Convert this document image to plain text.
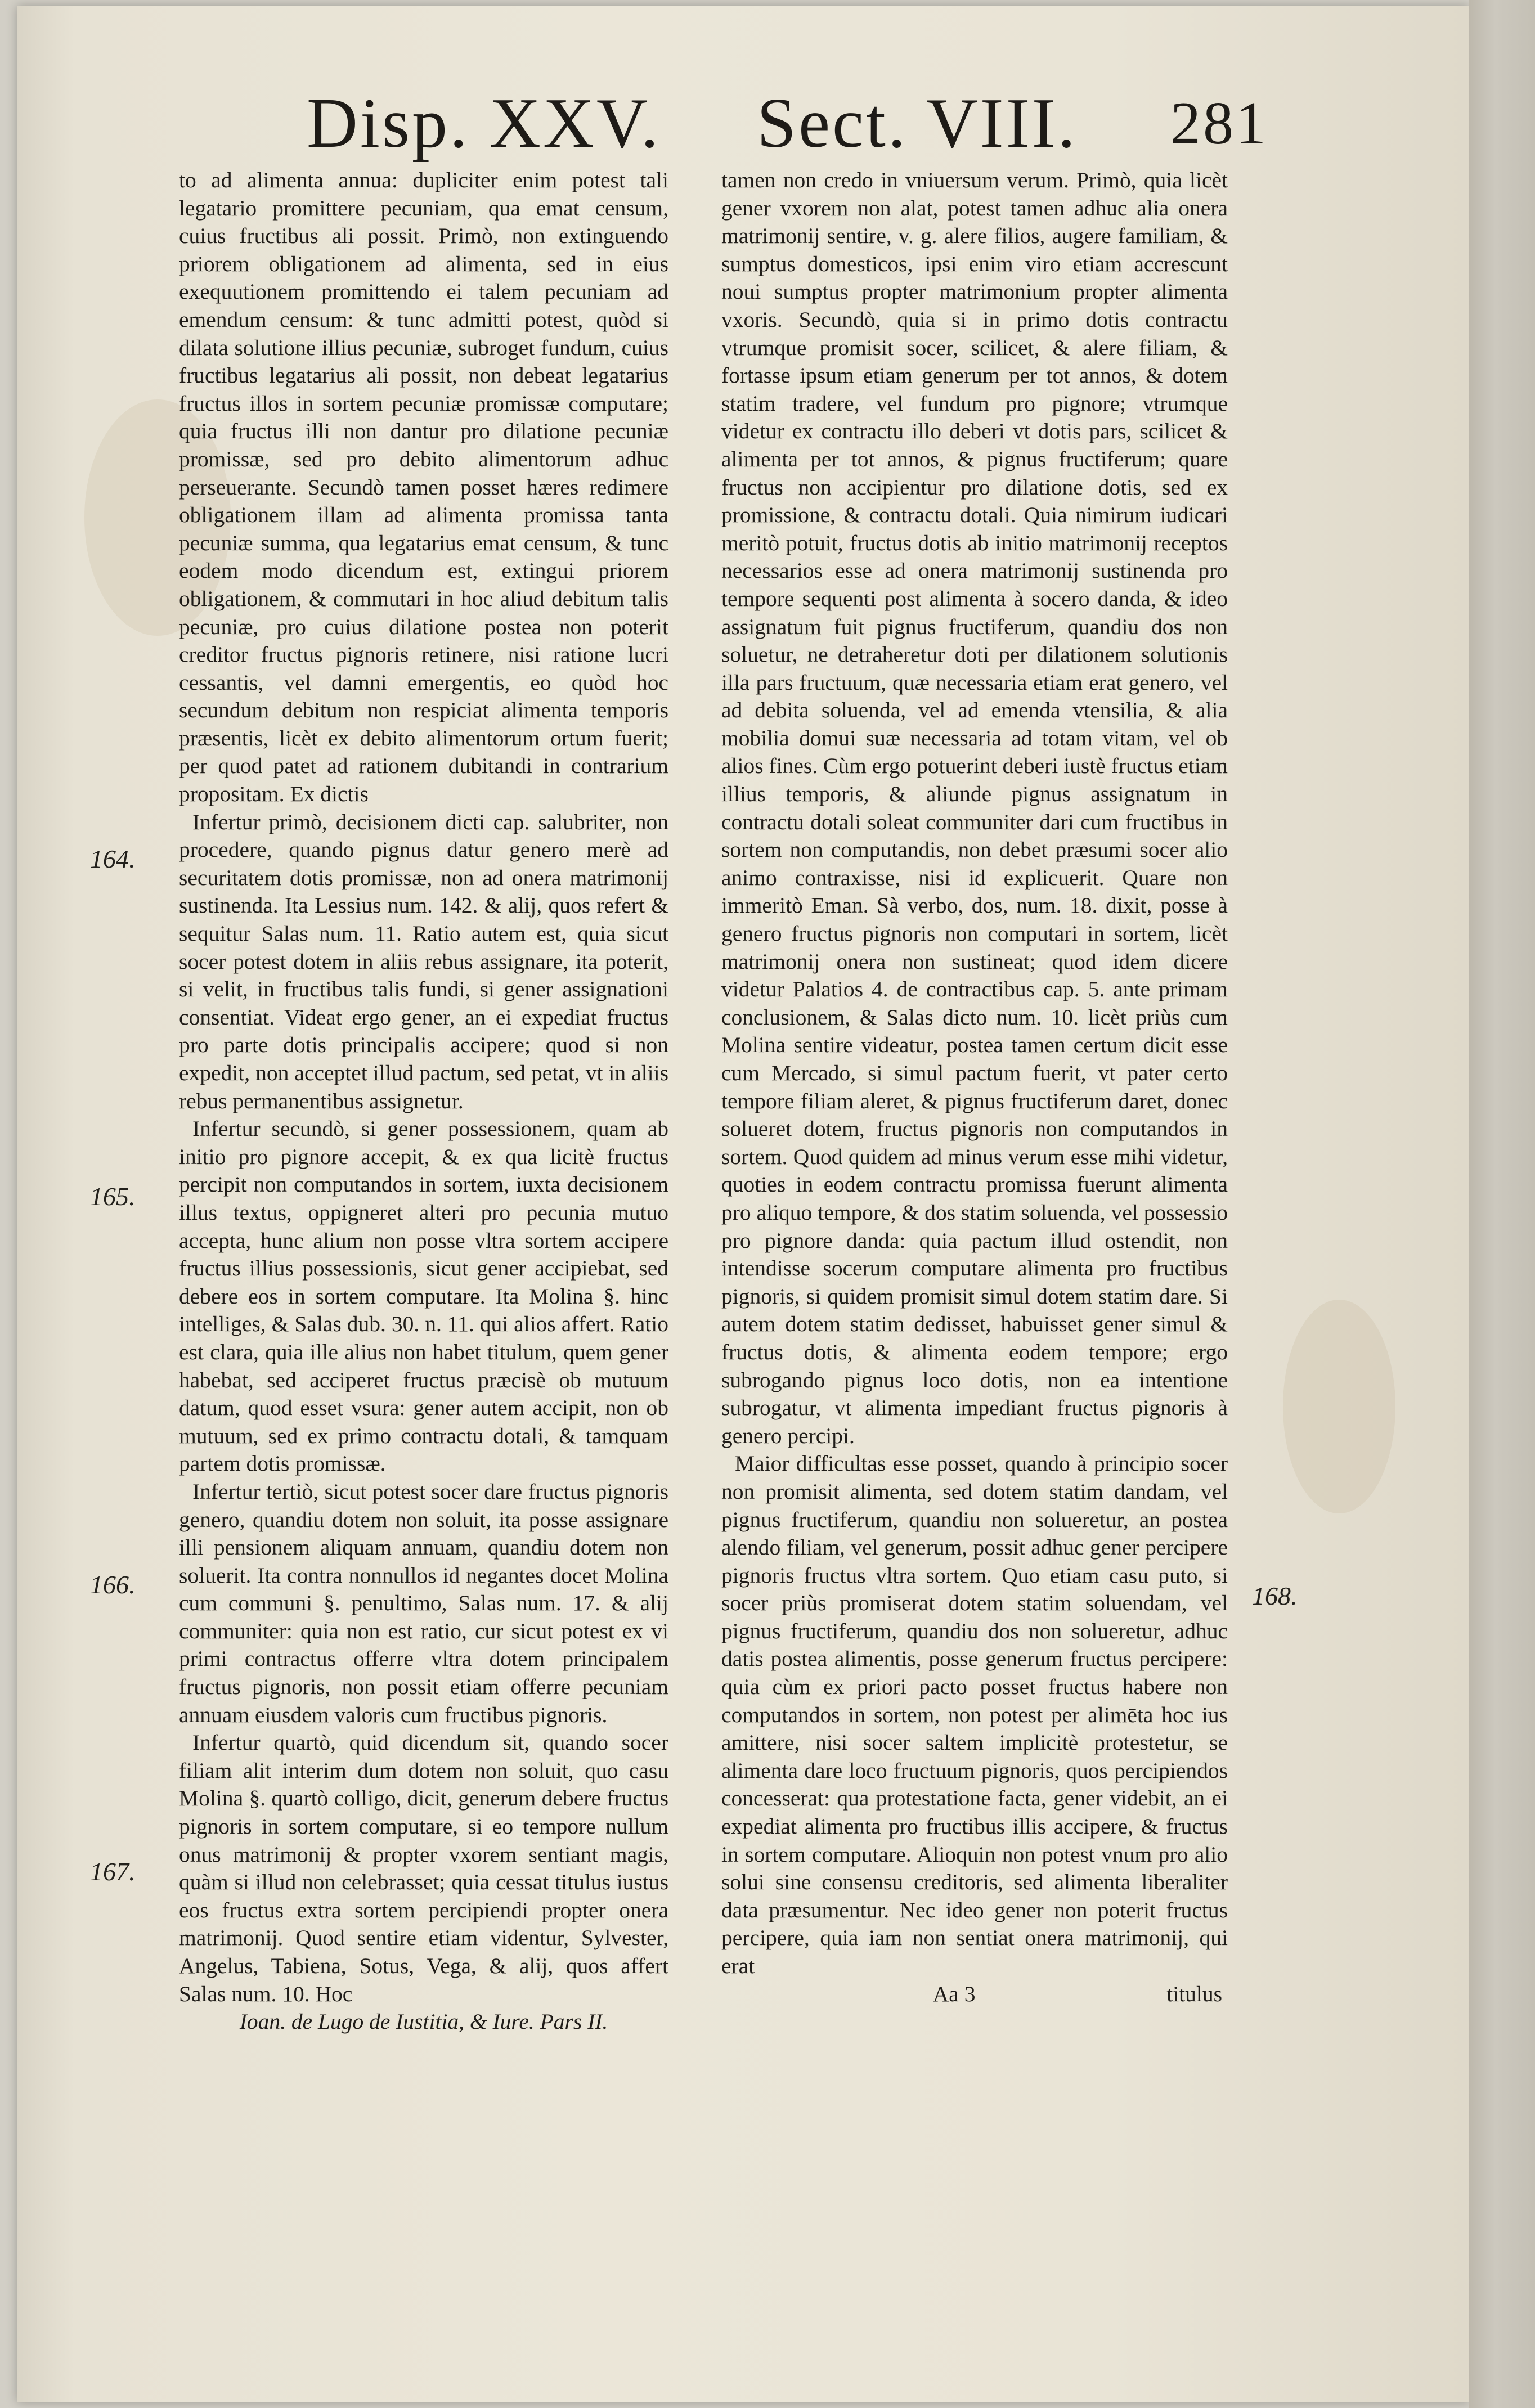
Disp. XXV. Sect. VIII. 281

to ad alimenta annua: dupliciter enim potest tali legatario promittere pecuniam, qua emat censum, cuius fructibus ali possit. Primò, non extinguendo priorem obligationem ad alimenta, sed in eius exequutionem promittendo ei talem pecuniam ad emendum censum: & tunc admitti potest, quòd si dilata solutione illius pecuniæ, subroget fundum, cuius fructibus legatarius ali possit, non debeat legatarius fructus illos in sortem pecuniæ promissæ computare; quia fructus illi non dantur pro dilatione pecuniæ promissæ, sed pro debito alimentorum adhuc perseuerante. Secundò tamen posset hæres redimere obligationem illam ad alimenta promissa tanta pecuniæ summa, qua legatarius emat censum, & tunc eodem modo dicendum est, extingui priorem obligationem, & commutari in hoc aliud debitum talis pecuniæ, pro cuius dilatione postea non poterit creditor fructus pignoris retinere, nisi ratione lucri cessantis, vel damni emergentis, eo quòd hoc secundum debitum non respiciat alimenta temporis præsentis, licèt ex debito alimentorum ortum fuerit; per quod patet ad rationem dubitandi in contrarium propositam. Ex dictis

Infertur primò, decisionem dicti cap. salubriter, non procedere, quando pignus datur genero merè ad securitatem dotis promissæ, non ad onera matrimonij sustinenda. Ita Lessius num. 142. & alij, quos refert & sequitur Salas num. 11. Ratio autem est, quia sicut socer potest dotem in aliis rebus assignare, ita poterit, si velit, in fructibus talis fundi, si gener assignationi consentiat. Videat ergo gener, an ei expediat fructus pro parte dotis principalis accipere; quod si non expedit, non acceptet illud pactum, sed petat, vt in aliis rebus permanentibus assignetur.

Infertur secundò, si gener possessionem, quam ab initio pro pignore accepit, & ex qua licitè fructus percipit non computandos in sortem, iuxta decisionem illus textus, oppigneret alteri pro pecunia mutuo accepta, hunc alium non posse vltra sortem accipere fructus illius possessionis, sicut gener accipiebat, sed debere eos in sortem computare. Ita Molina §. hinc intelliges, & Salas dub. 30. n. 11. qui alios affert. Ratio est clara, quia ille alius non habet titulum, quem gener habebat, sed acciperet fructus præcisè ob mutuum datum, quod esset vsura: gener autem accipit, non ob mutuum, sed ex primo contractu dotali, & tamquam partem dotis promissæ.

Infertur tertiò, sicut potest socer dare fructus pignoris genero, quandiu dotem non soluit, ita posse assignare illi pensionem aliquam annuam, quandiu dotem non soluerit. Ita contra nonnullos id negantes docet Molina cum communi §. penultimo, Salas num. 17. & alij communiter: quia non est ratio, cur sicut potest ex vi primi contractus offerre vltra dotem principalem fructus pignoris, non possit etiam offerre pecuniam annuam eiusdem valoris cum fructibus pignoris.

Infertur quartò, quid dicendum sit, quando socer filiam alit interim dum dotem non soluit, quo casu Molina §. quartò colligo, dicit, generum debere fructus pignoris in sortem computare, si eo tempore nullum onus matrimonij & propter vxorem sentiant magis, quàm si illud non celebrasset; quia cessat titulus iustus eos fructus extra sortem percipiendi propter onera matrimonij. Quod sentire etiam videntur, Sylvester, Angelus, Tabiena, Sotus, Vega, & alij, quos affert Salas num. 10. Hoc

Ioan. de Lugo de Iustitia, & Iure. Pars II.

tamen non credo in vniuersum verum. Primò, quia licèt gener vxorem non alat, potest tamen adhuc alia onera matrimonij sentire, v. g. alere filios, augere familiam, & sumptus domesticos, ipsi enim viro etiam accrescunt noui sumptus propter matrimonium propter alimenta vxoris. Secundò, quia si in primo dotis contractu vtrumque promisit socer, scilicet, & alere filiam, & fortasse ipsum etiam generum per tot annos, & dotem statim tradere, vel fundum pro pignore; vtrumque videtur ex contractu illo deberi vt dotis pars, scilicet & alimenta per tot annos, & pignus fructiferum; quare fructus non accipientur pro dilatione dotis, sed ex promissione, & contractu dotali. Quia nimirum iudicari meritò potuit, fructus dotis ab initio matrimonij receptos necessarios esse ad onera matrimonij sustinenda pro tempore sequenti post alimenta à socero danda, & ideo assignatum fuit pignus fructiferum, quandiu dos non soluetur, ne detraheretur doti per dilationem solutionis illa pars fructuum, quæ necessaria etiam erat genero, vel ad debita soluenda, vel ad emenda vtensilia, & alia mobilia domui suæ necessaria ad totam vitam, vel ob alios fines. Cùm ergo potuerint deberi iustè fructus etiam illius temporis, & aliunde pignus assignatum in contractu dotali soleat communiter dari cum fructibus in sortem non computandis, non debet præsumi socer alio animo contraxisse, nisi id explicuerit. Quare non immeritò Eman. Sà verbo, dos, num. 18. dixit, posse à genero fructus pignoris non computari in sortem, licèt matrimonij onera non sustineat; quod idem dicere videtur Palatios 4. de contractibus cap. 5. ante primam conclusionem, & Salas dicto num. 10. licèt priùs cum Molina sentire videatur, postea tamen certum dicit esse cum Mercado, si simul pactum fuerit, vt pater certo tempore filiam aleret, & pignus fructiferum daret, donec solueret dotem, fructus pignoris non computandos in sortem. Quod quidem ad minus verum esse mihi videtur, quoties in eodem contractu promissa fuerunt alimenta pro aliquo tempore, & dos statim soluenda, vel possessio pro pignore danda: quia pactum illud ostendit, non intendisse socerum computare alimenta pro fructibus pignoris, si quidem promisit simul dotem statim dare. Si autem dotem statim dedisset, habuisset gener simul & fructus dotis, & alimenta eodem tempore; ergo subrogando pignus loco dotis, non ea intentione subrogatur, vt alimenta impediant fructus pignoris à genero percipi.

Maior difficultas esse posset, quando à principio socer non promisit alimenta, sed dotem statim dandam, vel pignus fructiferum, quandiu non solueretur, an postea alendo filiam, vel generum, possit adhuc gener percipere pignoris fructus vltra sortem. Quo etiam casu puto, si socer priùs promiserat dotem statim soluendam, vel pignus fructiferum, quandiu dos non solueretur, adhuc datis postea alimentis, posse generum fructus percipere: quia cùm ex priori pacto posset fructus habere non computandos in sortem, non potest per alimēta hoc ius amittere, nisi socer saltem implicitè protestetur, se alimenta dare loco fructuum pignoris, quos percipiendos concesserat: qua protestatione facta, gener videbit, an ei expediat alimenta pro fructibus illis accipere, & fructus in sortem computare. Alioquin non potest vnum pro alio solui sine consensu creditoris, sed alimenta liberaliter data præsumentur. Nec ideo gener non poterit fructus percipere, quia iam non sentiat onera matrimonij, qui erat

Aa 3	titulus

164.
165.
166.
167.
168.
